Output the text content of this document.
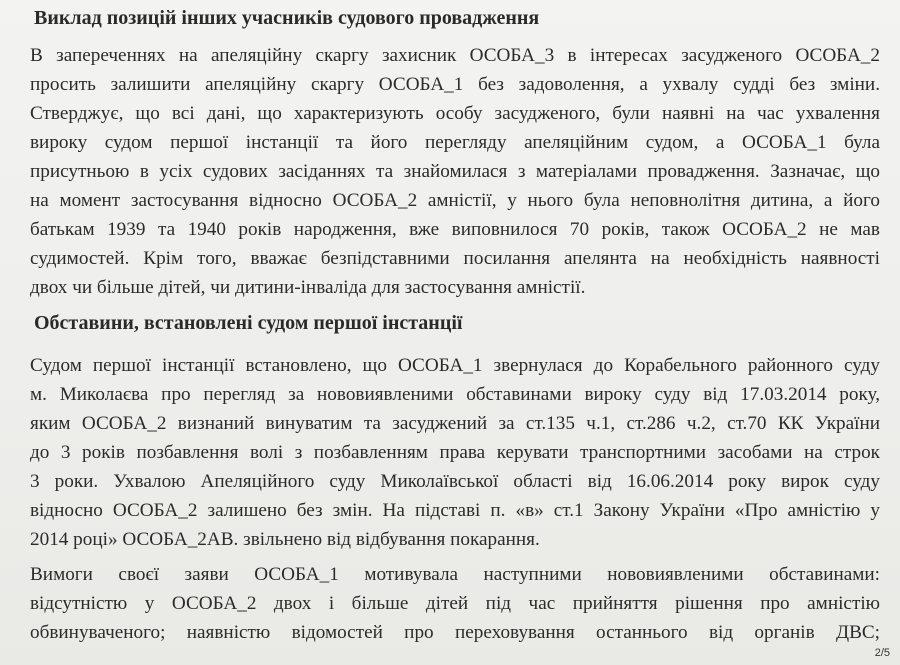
Виклад позицій інших учасників судового провадження
В запереченнях на апеляційну скаргу захисник ОСОБА_3 в інтересах засудженого ОСОБА_2
просить залишити апеляційну скаргу ОСОБА_1 без задоволення, а ухвалу судді без зміни.
Стверджує, що всі дані, що характеризують особу засудженого, були наявні на час ухвалення
вироку судом першої інстанції та його перегляду апеляційним судом, а ОСОБА_1 була
присутньою в усіх судових засіданнях та знайомилася з матеріалами провадження. Зазначає, що
на момент застосування відносно ОСОБА_2 амністії, у нього була неповнолітня дитина, а його
батькам 1939 та 1940 років народження, вже виповнилося 70 років, також ОСОБА_2 не мав
судимостей. Крім того, вважає безпідставними посилання апелянта на необхідність наявності
двох чи більше дітей, чи дитини-інваліда для застосування амністії.
Обставини, встановлені судом першої інстанції
Судом першої інстанції встановлено, що ОСОБА_1 звернулася до Корабельного районного суду
м. Миколаєва про перегляд за нововиявленими обставинами вироку суду від 17.03.2014 року,
яким ОСОБА_2 визнаний винуватим та засуджений за ст.135 ч.1, ст.286 ч.2, ст.70 КК України
до 3 років позбавлення волі з позбавленням права керувати транспортними засобами на строк
3 роки. Ухвалою Апеляційного суду Миколаївської області від 16.06.2014 року вирок суду
відносно ОСОБА_2 залишено без змін. На підставі п. «в» ст.1 Закону України «Про амністію у
2014 році» ОСОБА_2АВ. звільнено від відбування покарання.
Вимоги своєї заяви ОСОБА_1 мотивувала наступними нововиявленими обставинами:
відсутністю у ОСОБА_2 двох і більше дітей під час прийняття рішення про амністію
обвинуваченого; наявністю відомостей про переховування останнього від органів ДВС;
2/5
